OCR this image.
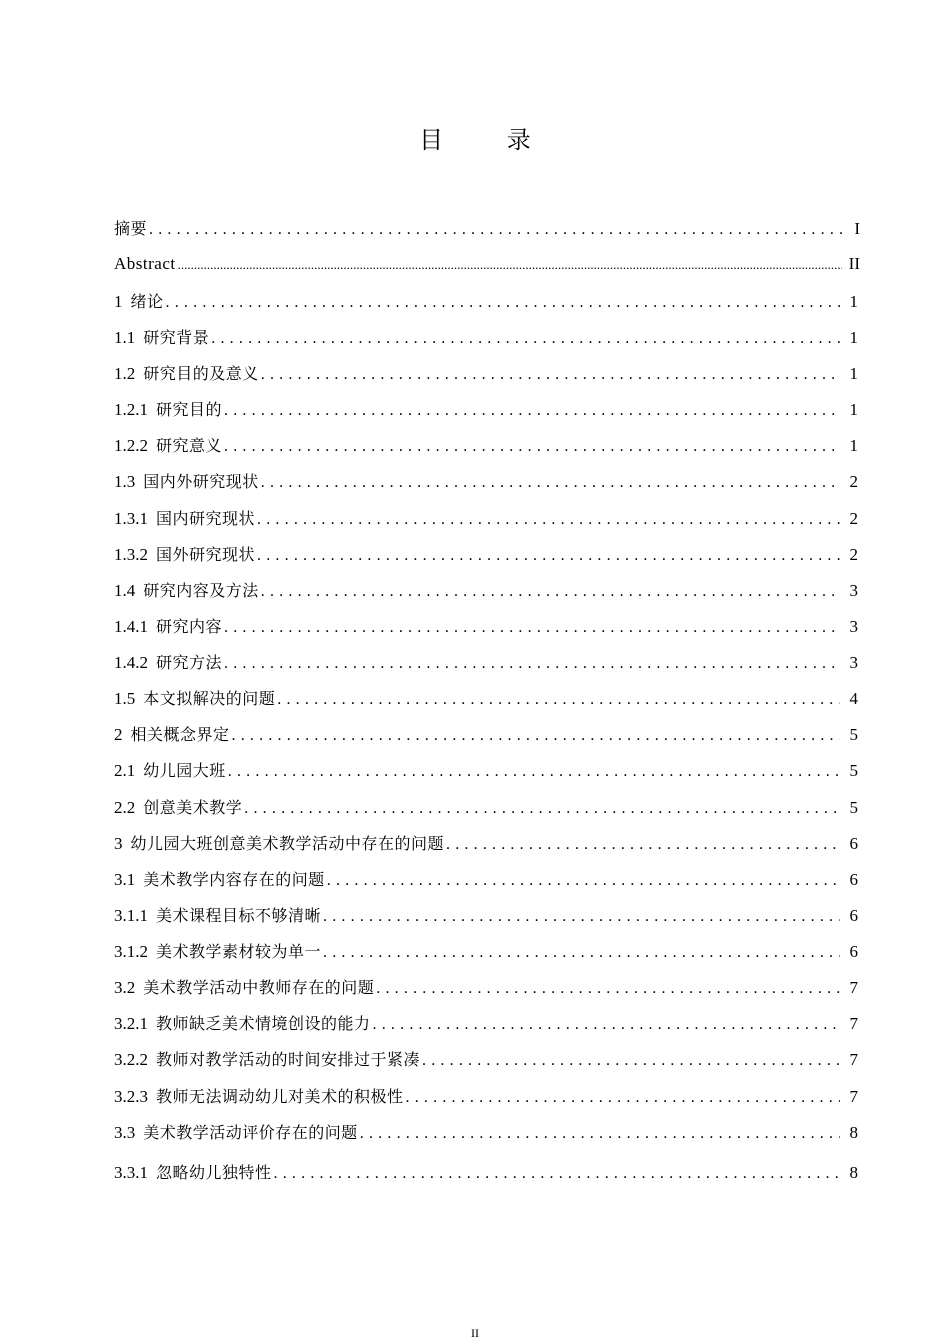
目 录
摘要 . . .	I
Abstract .....	II
1 绪论 . . .	1
1.1 研究背景 . . .	1
1.2 研究目的及意义 . . .	1
1.2.1 研究目的 . . .	1
1.2.2 研究意义 . . .	1
1.3 国内外研究现状 . . .	2
1.3.1 国内研究现状 . . .	2
1.3.2 国外研究现状 . . .	2
1.4 研究内容及方法 . . .	3
1.4.1 研究内容 . . .	3
1.4.2 研究方法 . . .	3
1.5 本文拟解决的问题 . . .	4
2 相关概念界定 . . .	5
2.1 幼儿园大班 . . .	5
2.2 创意美术教学 . . .	5
3 幼儿园大班创意美术教学活动中存在的问题 . . .	6
3.1 美术教学内容存在的问题 . . .	6
3.1.1 美术课程目标不够清晰 . . .	6
3.1.2 美术教学素材较为单一 . . .	6
3.2 美术教学活动中教师存在的问题 . . .	7
3.2.1 教师缺乏美术情境创设的能力 . . .	7
3.2.2 教师对教学活动的时间安排过于紧凑 . . .	7
3.2.3 教师无法调动幼儿对美术的积极性 . . .	7
3.3 美术教学活动评价存在的问题 . . .	8
3.3.1 忽略幼儿独特性 . . .	8
II
